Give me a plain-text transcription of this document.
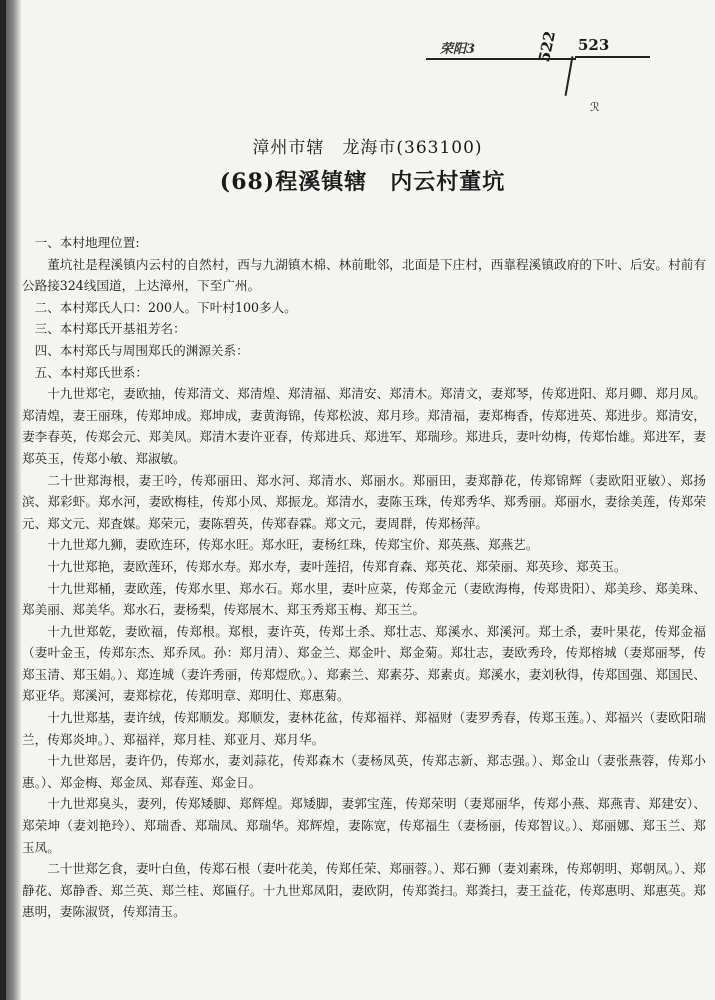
荣阳3	523
522
ℛ
漳州市辖　龙海市(363100)
(68)程溪镇辖　内云村董坑

一、本村地理位置:

董坑社是程溪镇内云村的自然村，西与九湖镇木棉、林前毗邻，北面是下庄村，西靠程溪镇政府的下叶、后安。村前有公路接324线国道，上达漳州，下至广州。

二、本村郑氏人口：200人。下叶村100多人。

三、本村郑氏开基祖芳名：

四、本村郑氏与周围郑氏的渊源关系：

五、本村郑氏世系：

十九世郑宅，妻欧抽，传郑清文、郑清煌、郑清福、郑清安、郑清木。郑清文，妻郑琴，传郑进阳、郑月卿、郑月凤。郑清煌，妻王丽珠，传郑坤成。郑坤成，妻黄海锦，传郑松波、郑月珍。郑清福，妻郑梅香，传郑进英、郑进步。郑清安，妻李春英，传郑会元、郑美凤。郑清木妻许亚春，传郑进兵、郑进军、郑瑞珍。郑进兵，妻叶幼梅，传郑怡雄。郑进军，妻郑英玉，传郑小敏、郑淑敏。

二十世郑海根，妻王吟，传郑丽田、郑水河、郑清水、郑丽水。郑丽田，妻郑静花，传郑锦辉（妻欧阳亚敏）、郑扬滨、郑彩虾。郑水河，妻欧梅桂，传郑小凤、郑振龙。郑清水，妻陈玉珠，传郑秀华、郑秀丽。郑丽水，妻徐美莲，传郑荣元、郑文元、郑査媒。郑荣元，妻陈碧英，传郑春霖。郑文元，妻周群，传郑杨萍。

十九世郑九狮，妻欧连环，传郑水旺。郑水旺，妻杨红珠，传郑宝价、郑英燕、郑燕艺。

十九世郑艳，妻欧莲环，传郑水寿。郑水寿，妻叶莲招，传郑育森、郑英花、郑荣丽、郑英珍、郑英玉。

十九世郑桶，妻欧莲，传郑水里、郑水石。郑水里，妻叶应菜，传郑金元（妻欧海梅，传郑贵阳）、郑美珍、郑美珠、郑美丽、郑美华。郑水石，妻杨梨，传郑展木、郑玉秀郑玉梅、郑玉兰。

十九世郑乾，妻欧福，传郑根。郑根，妻许英，传郑土杀、郑壮志、郑溪水、郑溪河。郑土杀，妻叶果花，传郑金福（妻叶金玉，传郑东杰、郑乔凤。孙：郑月清）、郑金兰、郑金叶、郑金菊。郑壮志，妻欧秀玲，传郑榕城（妻郑丽琴，传郑玉清、郑玉娟。）、郑连城（妻许秀丽，传郑煜欣。）、郑素兰、郑素芬、郑素贞。郑溪水，妻刘秋得，传郑国强、郑国民、郑亚华。郑溪河，妻郑棕花，传郑明章、郑明仕、郑惠菊。

十九世郑基，妻许绒，传郑顺发。郑顺发，妻林花盆，传郑福祥、郑福财（妻罗秀春，传郑玉莲。）、郑福兴（妻欧阳瑞兰，传郑炎坤。）、郑福祥，郑月桂、郑亚月、郑月华。

十九世郑居，妻许仍，传郑水，妻刘蒜花，传郑森木（妻杨凤英，传郑志新、郑志强。）、郑金山（妻张燕蓉，传郑小惠。）、郑金梅、郑金凤、郑春莲、郑金日。

十九世郑臭头，妻列，传郑矮脚、郑辉煌。郑矮脚，妻郭宝莲，传郑荣明（妻郑丽华，传郑小燕、郑燕青、郑建安）、郑荣坤（妻刘艳玲）、郑瑞香、郑瑞凤、郑瑞华。郑辉煌，妻陈宽，传郑福生（妻杨丽，传郑智议。）、郑丽娜、郑玉兰、郑玉凤。

二十世郑乞食，妻叶白鱼，传郑石根（妻叶花美，传郑任荣、郑丽蓉。）、郑石狮（妻刘素珠，传郑朝明、郑朝凤。）、郑静花、郑静香、郑兰英、郑兰桂、郑匾仔。十九世郑凤阳，妻欧阴，传郑粪扫。郑粪扫，妻王益花，传郑惠明、郑惠英。郑惠明，妻陈淑贤，传郑清玉。
